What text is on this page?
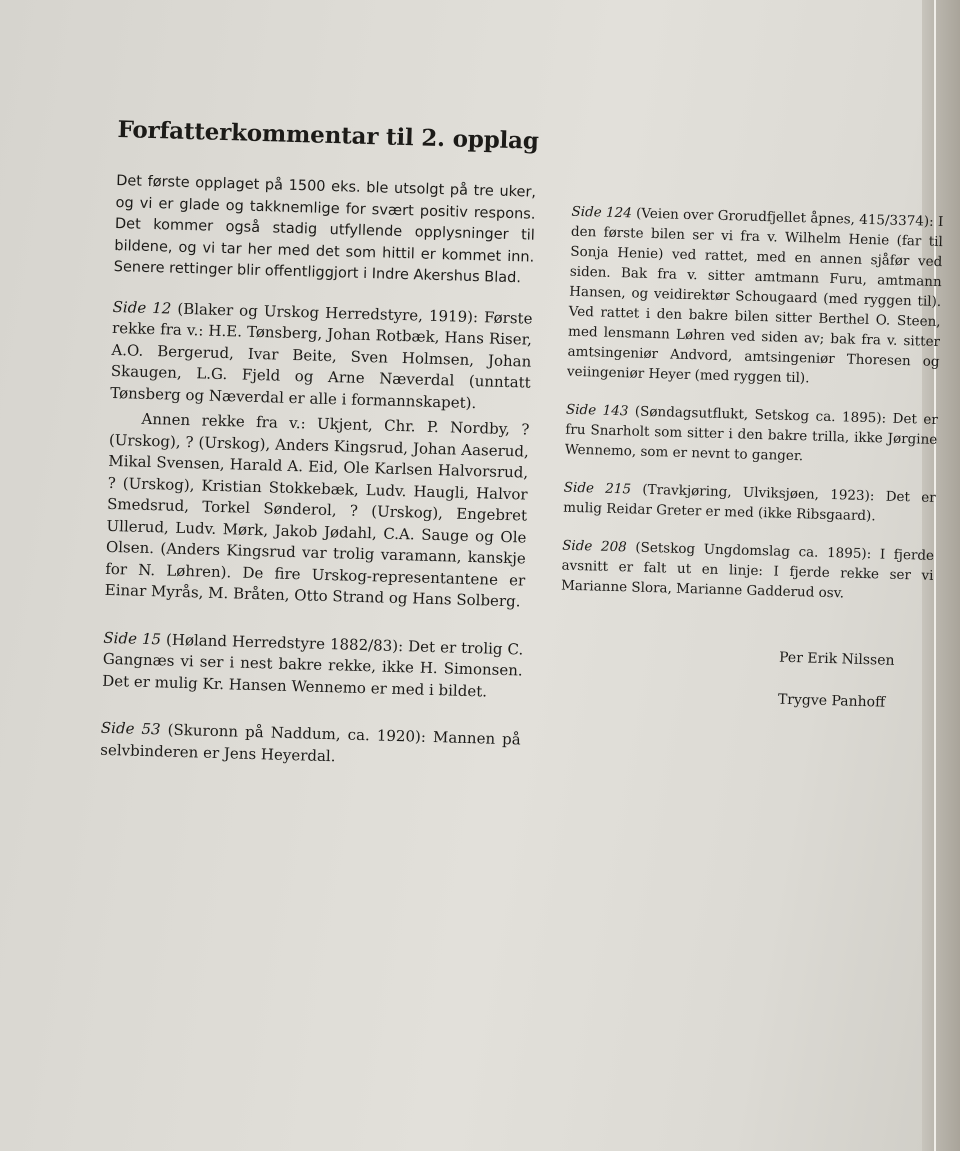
Forfatterkommentar til 2. opplag

Det første opplaget på 1500 eks. ble utsolgt på tre uker, og vi er glade og takknemlige for svært positiv respons. Det kommer også stadig utfyllende opplysninger til bildene, og vi tar her med det som hittil er kommet inn. Senere rettinger blir offentliggjort i Indre Akershus Blad.

Side 12 (Blaker og Urskog Herredstyre, 1919): Første rekke fra v.: H.E. Tønsberg, Johan Rotbæk, Hans Riser, A.O. Bergerud, Ivar Beite, Sven Holmsen, Johan Skaugen, L.G. Fjeld og Arne Næverdal (unntatt Tønsberg og Næverdal er alle i formannskapet).

Annen rekke fra v.: Ukjent, Chr. P. Nordby, ? (Urskog), ? (Urskog), Anders Kingsrud, Johan Aaserud, Mikal Svensen, Harald A. Eid, Ole Karlsen Halvorsrud, ? (Urskog), Kristian Stokkebæk, Ludv. Haugli, Halvor Smedsrud, Torkel Sønderol, ? (Urskog), Engebret Ullerud, Ludv. Mørk, Jakob Jødahl, C.A. Sauge og Ole Olsen. (Anders Kingsrud var trolig varamann, kanskje for N. Løhren). De fire Urskog-representantene er Einar Myrås, M. Bråten, Otto Strand og Hans Solberg.

Side 15 (Høland Herredstyre 1882/83): Det er trolig C. Gangnæs vi ser i nest bakre rekke, ikke H. Simonsen. Det er mulig Kr. Hansen Wennemo er med i bildet.

Side 53 (Skuronn på Naddum, ca. 1920): Mannen på selvbinderen er Jens Heyerdal.

Side 124 (Veien over Grorudfjellet åpnes, 415/3374): I den første bilen ser vi fra v. Wilhelm Henie (far til Sonja Henie) ved rattet, med en annen sjåfør ved siden. Bak fra v. sitter amtmann Furu, amtmann Hansen, og veidirektør Schougaard (med ryggen til). Ved rattet i den bakre bilen sitter Berthel O. Steen, med lensmann Løhren ved siden av; bak fra v. sitter amtsingeniør Andvord, amtsingeniør Thoresen og veiingeniør Heyer (med ryggen til).

Side 143 (Søndagsutflukt, Setskog ca. 1895): Det er fru Snarholt som sitter i den bakre trilla, ikke Jørgine Wennemo, som er nevnt to ganger.

Side 215 (Travkjøring, Ulviksjøen, 1923): Det er mulig Reidar Greter er med (ikke Ribsgaard).

Side 208 (Setskog Ungdomslag ca. 1895): I fjerde avsnitt er falt ut en linje: I fjerde rekke ser vi Marianne Slora, Marianne Gadderud osv.

Per Erik Nilssen
Trygve Panhoff
